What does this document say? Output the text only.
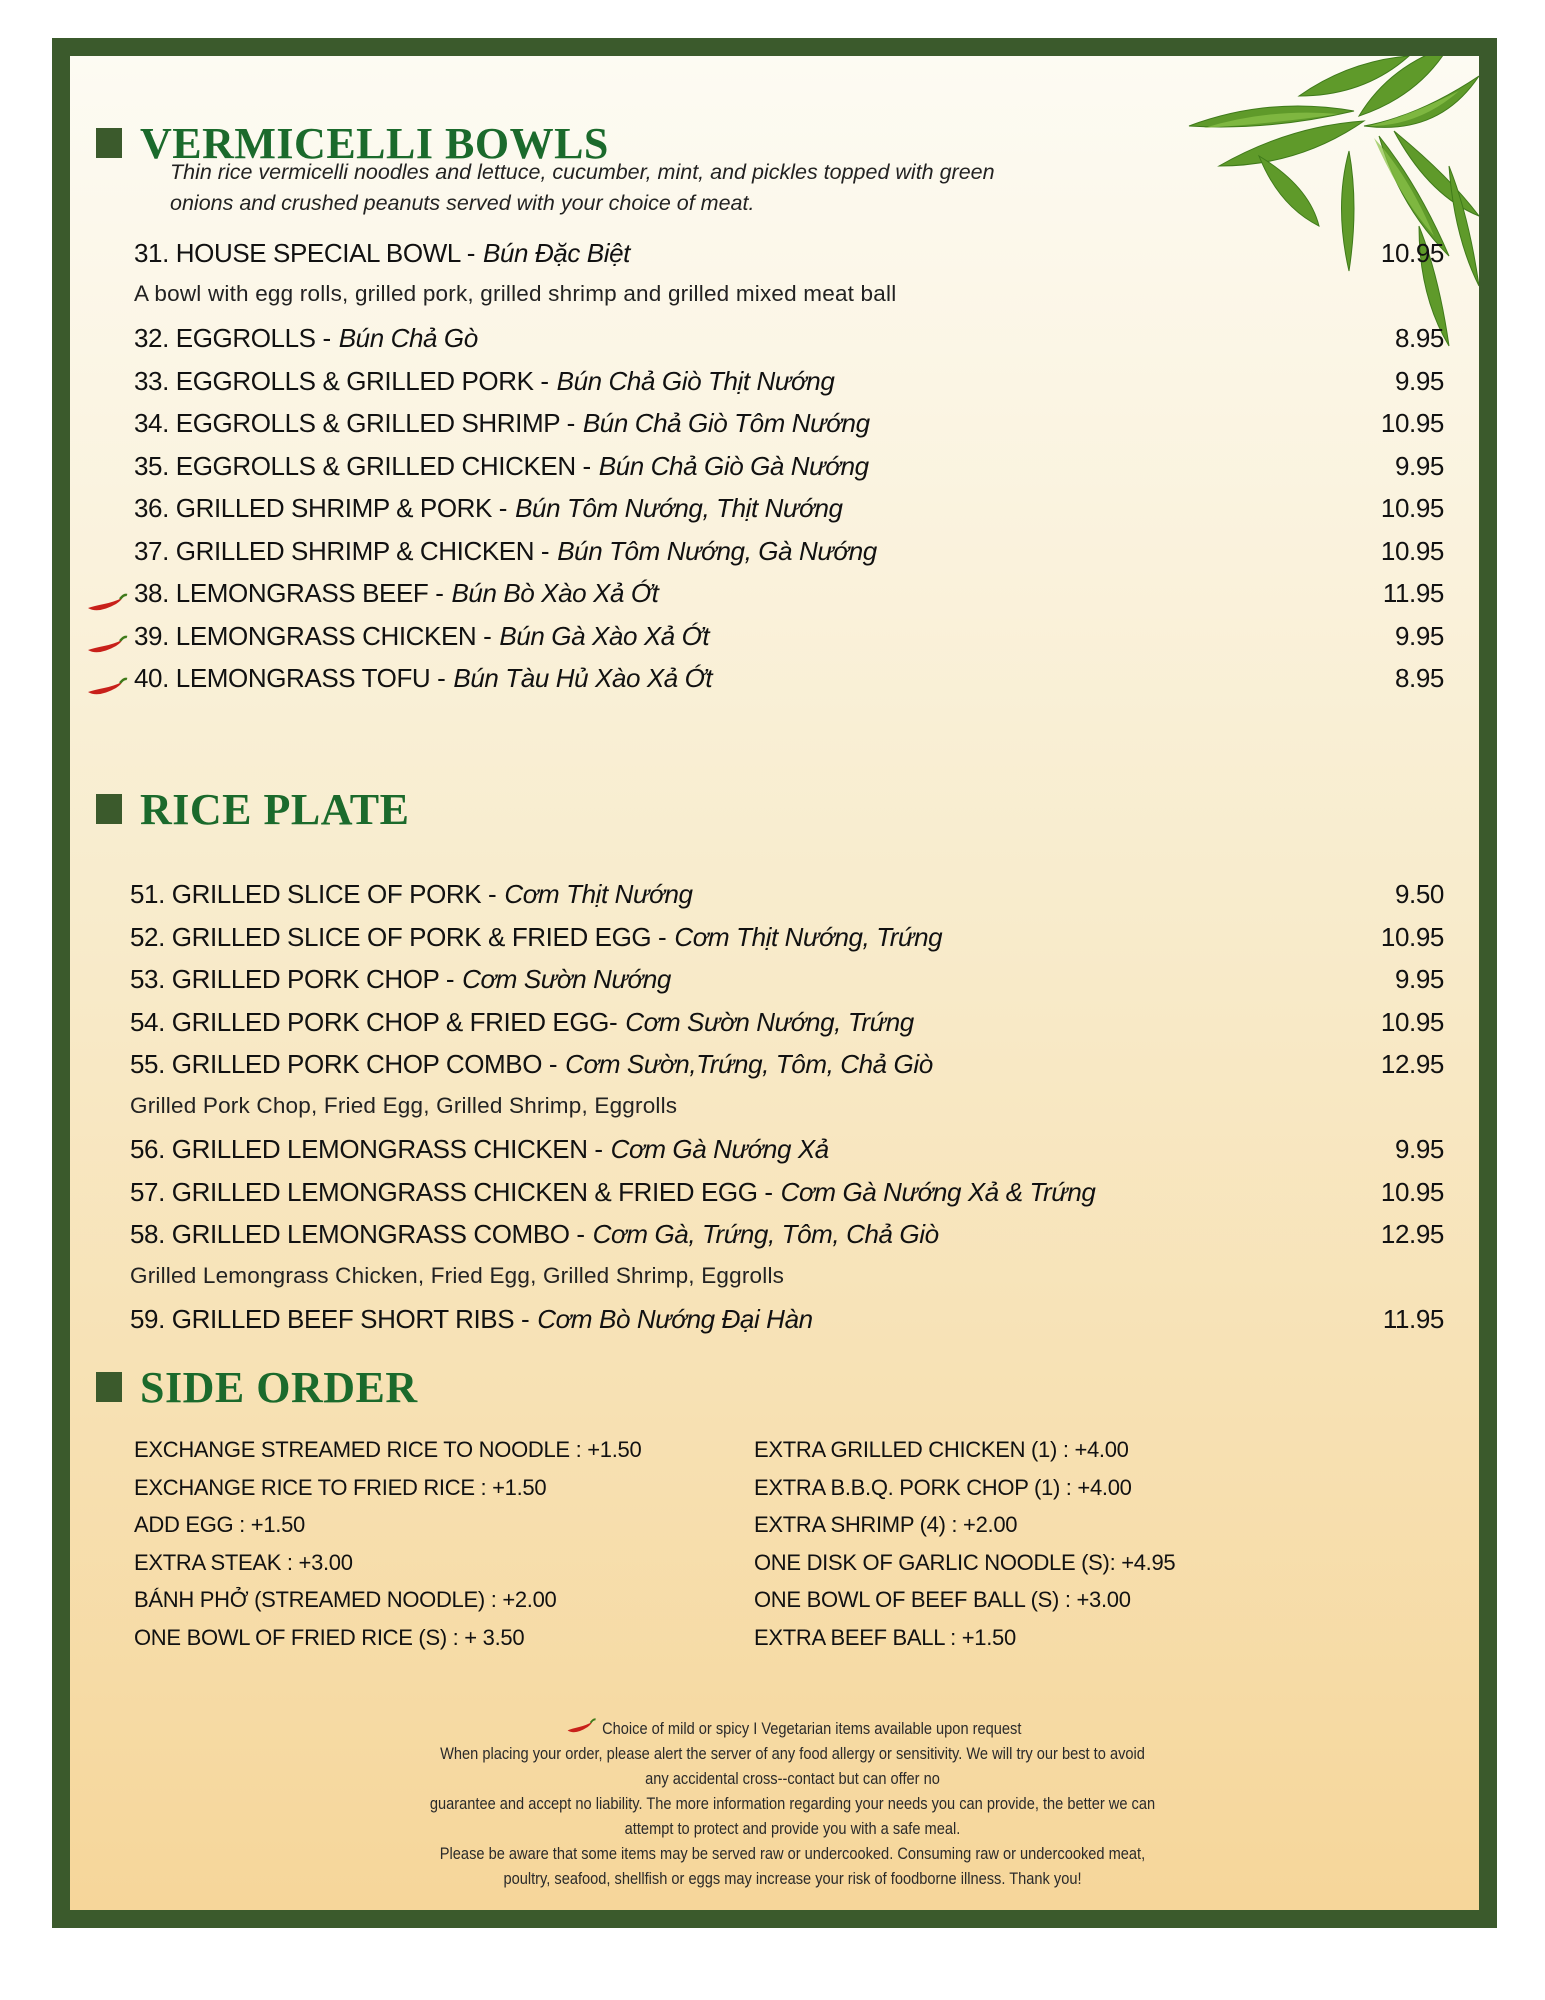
VERMICELLI BOWLS
Thin rice vermicelli noodles and lettuce, cucumber, mint, and pickles topped with green
onions and crushed peanuts served with your choice of meat.
31. HOUSE SPECIAL BOWL - Bún Đặc Biệt	10.95
A bowl with egg rolls, grilled pork, grilled shrimp and grilled mixed meat ball
32. EGGROLLS - Bún Chả Gò	8.95
33. EGGROLLS & GRILLED PORK - Bún Chả Giò Thịt Nướng	9.95
34. EGGROLLS & GRILLED SHRIMP - Bún Chả Giò Tôm Nướng	10.95
35. EGGROLLS & GRILLED CHICKEN - Bún Chả Giò Gà Nướng	9.95
36. GRILLED SHRIMP & PORK - Bún Tôm Nướng, Thịt Nướng	10.95
37. GRILLED SHRIMP & CHICKEN - Bún Tôm Nướng, Gà Nướng	10.95
38. LEMONGRASS BEEF - Bún Bò Xào Xả Ớt	11.95
39. LEMONGRASS CHICKEN - Bún Gà Xào Xả Ớt	9.95
40. LEMONGRASS TOFU - Bún Tàu Hủ Xào Xả Ớt	8.95
RICE PLATE
51. GRILLED SLICE OF PORK - Cơm Thịt Nướng	9.50
52. GRILLED SLICE OF PORK & FRIED EGG - Cơm Thịt Nướng, Trứng	10.95
53. GRILLED PORK CHOP - Cơm Sườn Nướng	9.95
54. GRILLED PORK CHOP & FRIED EGG- Cơm Sườn Nướng, Trứng	10.95
55. GRILLED PORK CHOP COMBO - Cơm Sườn,Trứng, Tôm, Chả Giò	12.95
Grilled Pork Chop, Fried Egg, Grilled Shrimp, Eggrolls
56. GRILLED LEMONGRASS CHICKEN - Cơm Gà Nướng Xả	9.95
57. GRILLED LEMONGRASS CHICKEN & FRIED EGG - Cơm Gà Nướng Xả & Trứng	10.95
58. GRILLED LEMONGRASS COMBO - Cơm Gà, Trứng, Tôm, Chả Giò	12.95
Grilled Lemongrass Chicken, Fried Egg, Grilled Shrimp, Eggrolls
59. GRILLED BEEF SHORT RIBS - Cơm Bò Nướng Đại Hàn	11.95
SIDE ORDER
EXCHANGE STREAMED RICE TO NOODLE : +1.50
EXCHANGE RICE TO FRIED RICE : +1.50
ADD EGG : +1.50
EXTRA STEAK : +3.00
BÁNH PHỞ (STREAMED NOODLE) : +2.00
ONE BOWL OF FRIED RICE (S) : + 3.50
EXTRA GRILLED CHICKEN (1) : +4.00
EXTRA B.B.Q. PORK CHOP (1) : +4.00
EXTRA SHRIMP (4) : +2.00
ONE DISK OF GARLIC NOODLE (S): +4.95
ONE BOWL OF BEEF BALL (S) : +3.00
EXTRA BEEF BALL : +1.50
Choice of mild or spicy I Vegetarian items available upon request
When placing your order, please alert the server of any food allergy or sensitivity. We will try our best to avoid
any accidental cross--contact but can offer no
guarantee and accept no liability. The more information regarding your needs you can provide, the better we can
attempt to protect and provide you with a safe meal.
Please be aware that some items may be served raw or undercooked. Consuming raw or undercooked meat,
poultry, seafood, shellfish or eggs may increase your risk of foodborne illness. Thank you!
